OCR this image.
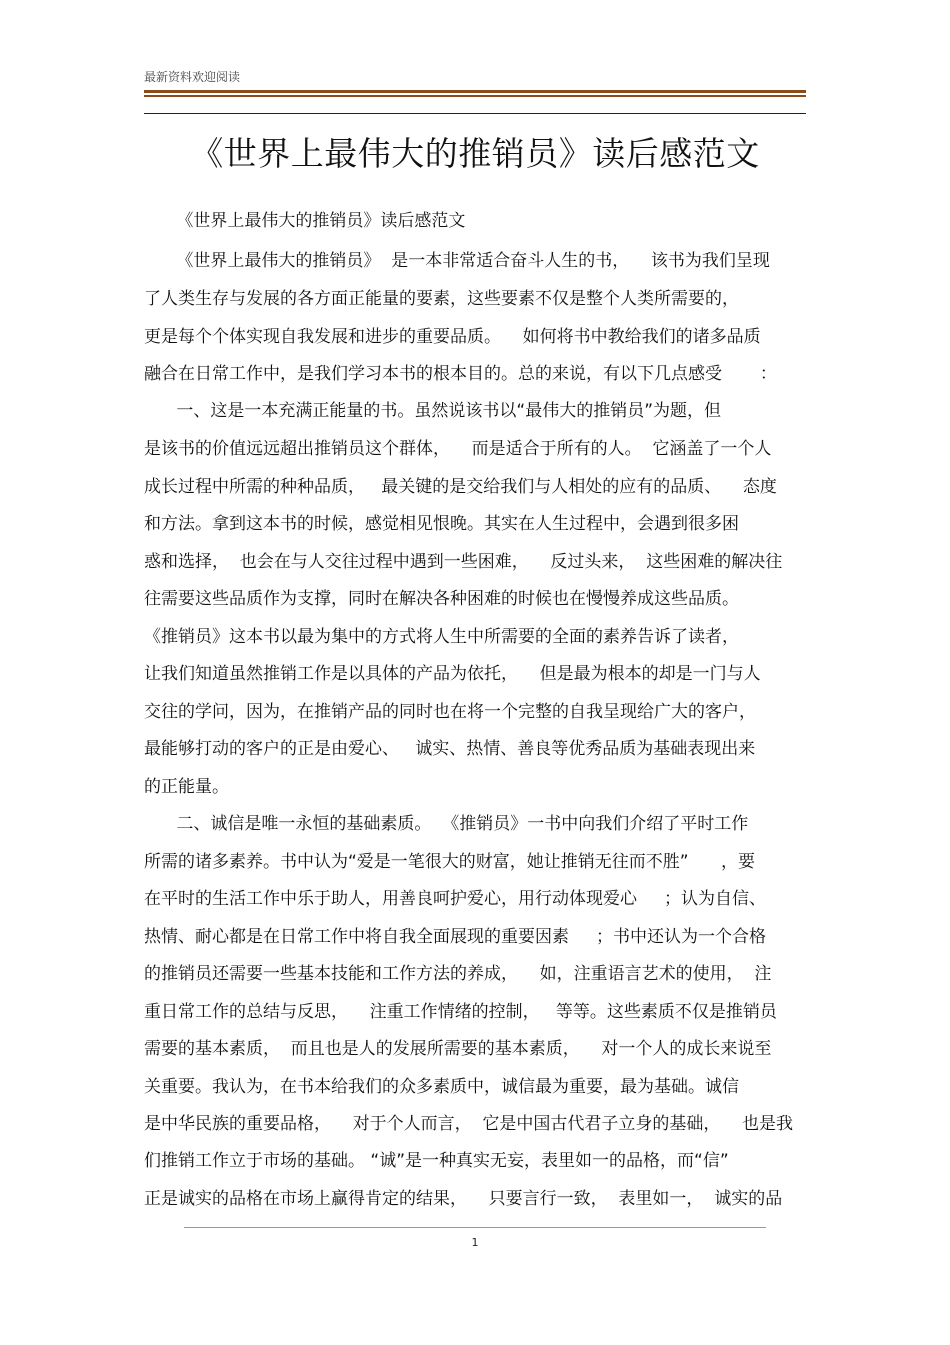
最新资料欢迎阅读
《世界上最伟大的推销员》读后感范文
《世界上最伟大的推销员》读后感范文
《世界上最伟大的推销员》  是一本非常适合奋斗人生的书，    该书为我们呈现
了人类生存与发展的各方面正能量的要素，这些要素不仅是整个人类所需要的，
更是每个个体实现自我发展和进步的重要品质。    如何将书中教给我们的诸多品质
融合在日常工作中，是我们学习本书的根本目的。总的来说，有以下几点感受       ：
一、这是一本充满正能量的书。虽然说该书以“最伟大的推销员”为题，但
是该书的价值远远超出推销员这个群体，    而是适合于所有的人。  它涵盖了一个人
成长过程中所需的种种品质，   最关键的是交给我们与人相处的应有的品质、    态度
和方法。拿到这本书的时候，感觉相见恨晚。其实在人生过程中，会遇到很多困
惑和选择，  也会在与人交往过程中遇到一些困难，    反过头来，  这些困难的解决往
往需要这些品质作为支撑，同时在解决各种困难的时候也在慢慢养成这些品质。
《推销员》这本书以最为集中的方式将人生中所需要的全面的素养告诉了读者，
让我们知道虽然推销工作是以具体的产品为依托，    但是最为根本的却是一门与人
交往的学问，因为，在推销产品的同时也在将一个完整的自我呈现给广大的客户，
最能够打动的客户的正是由爱心、   诚实、热情、善良等优秀品质为基础表现出来
的正能量。
二、诚信是唯一永恒的基础素质。  《推销员》一书中向我们介绍了平时工作
所需的诸多素养。书中认为“爱是一笔很大的财富，她让推销无往而不胜”      ，要
在平时的生活工作中乐于助人，用善良呵护爱心，用行动体现爱心     ；认为自信、
热情、耐心都是在日常工作中将自我全面展现的重要因素     ；书中还认为一个合格
的推销员还需要一些基本技能和工作方法的养成，    如，注重语言艺术的使用，  注
重日常工作的总结与反思，    注重工作情绪的控制，   等等。这些素质不仅是推销员
需要的基本素质，  而且也是人的发展所需要的基本素质，    对一个人的成长来说至
关重要。我认为，在书本给我们的众多素质中，诚信最为重要，最为基础。诚信
是中华民族的重要品格，    对于个人而言，  它是中国古代君子立身的基础，    也是我
们推销工作立于市场的基础。 “诚”是一种真实无妄，表里如一的品格，而“信”
正是诚实的品格在市场上赢得肯定的结果，    只要言行一致，  表里如一，  诚实的品
1
